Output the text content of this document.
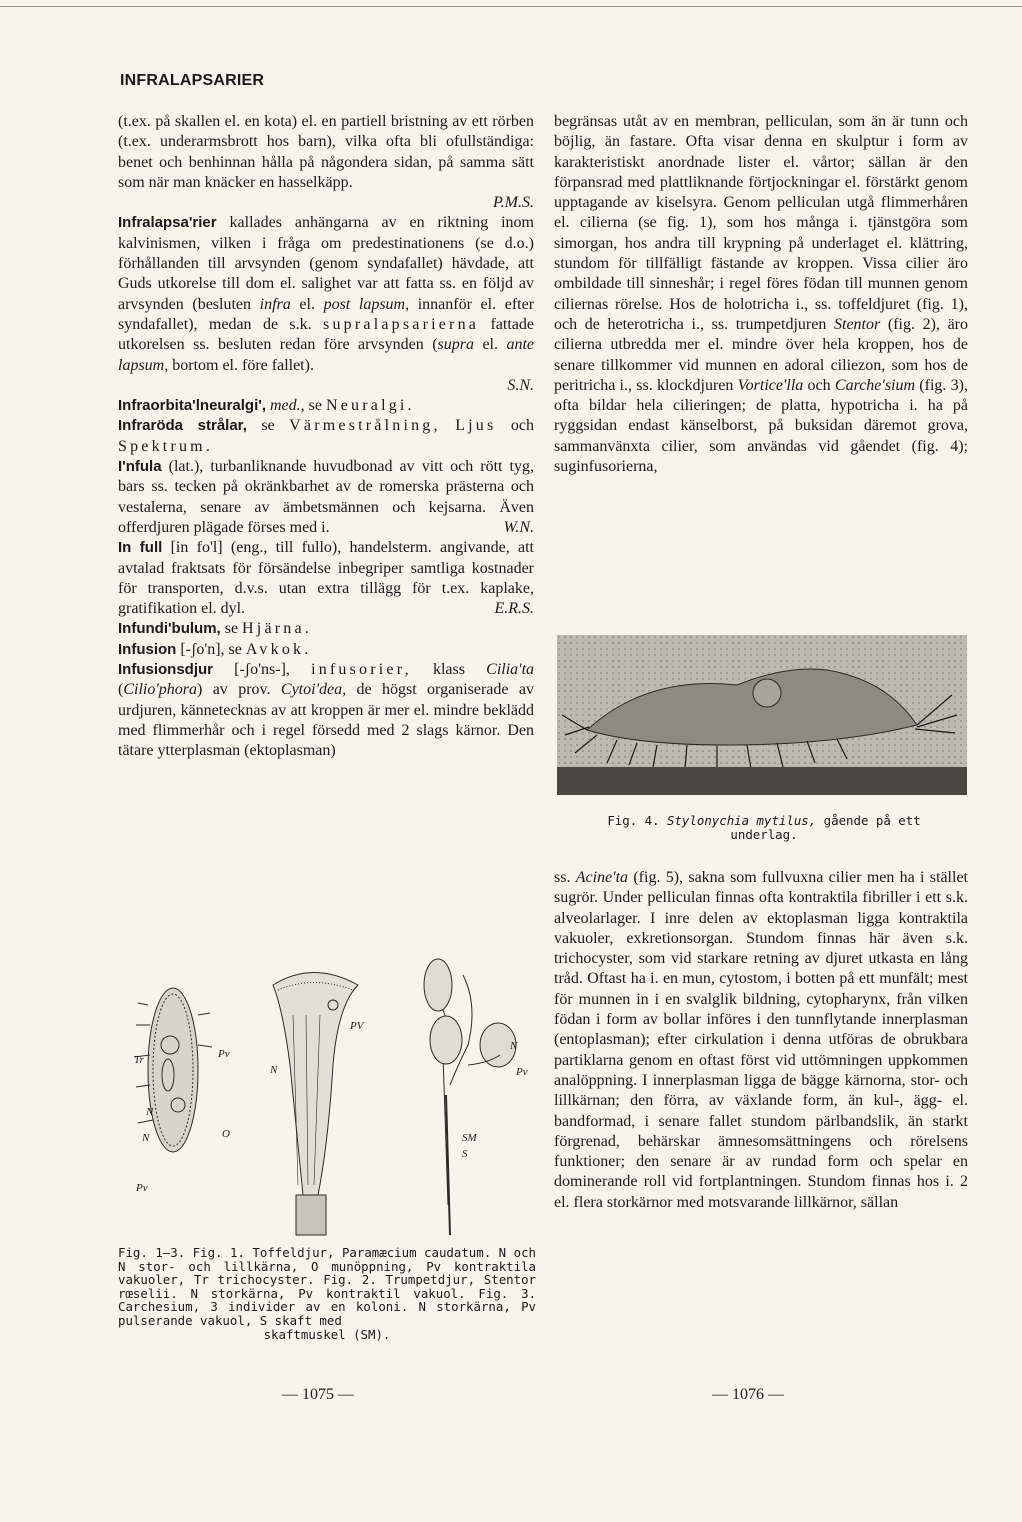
INFRALAPSARIER

(t.ex. på skallen el. en kota) el. en partiell bristning av ett rörben (t.ex. underarmsbrott hos barn), vilka ofta bli ofullständiga: benet och benhinnan hålla på någondera sidan, på samma sätt som när man knäcker en hasselkäpp.
P.M.S.

Infralapsa'rier kallades anhängarna av en riktning inom kalvinismen, vilken i fråga om predestinationens (se d.o.) förhållanden till arvsynden (genom syndafallet) hävdade, att Guds utkorelse till dom el. salighet var att fatta ss. en följd av arvsynden (besluten infra el. post lapsum, innanför el. efter syndafallet), medan de s.k. supralapsarierna fattade utkorelsen ss. besluten redan före arvsynden (supra el. ante lapsum, bortom el. före fallet).
S.N.

Infraorbita'lneuralgi', med., se Neuralgi.

Infraröda strålar, se Värmestrålning, Ljus och Spektrum.

I'nfula (lat.), turbanliknande huvudbonad av vitt och rött tyg, bars ss. tecken på okränkbarhet av de romerska prästerna och vestalerna, senare av ämbetsmännen och kejsarna. Även offerdjuren plägade förses med i.	W.N.

In full [in fo'l] (eng., till fullo), handelsterm. angivande, att avtalad fraktsats för försändelse inbegriper samtliga kostnader för transporten, d.v.s. utan extra tillägg för t.ex. kaplake, gratifikation el. dyl.	E.R.S.

Infundi'bulum, se Hjärna.

Infusion [-ʃo'n], se Avkok.

Infusionsdjur [-ʃo'ns-], infusorier, klass Cilia'ta (Cilio'phora) av prov. Cytoi'dea, de högst organiserade av urdjuren, kännetecknas av att kroppen är mer el. mindre beklädd med flimmerhår och i regel försedd med 2 slags kärnor. Den tätare ytterplasman (ektoplasman)

Tr	Pv
N
N	O
Pv
N
PV
N
Pv
SM
S
Fig. 1—3. Fig. 1. Toffeldjur, Paramæcium caudatum. N och N stor- och lillkärna, O munöppning, Pv kontraktila vakuoler, Tr trichocyster. Fig. 2. Trumpetdjur, Stentor rœselii. N storkärna, Pv kontraktil vakuol. Fig. 3. Carchesium, 3 individer av en koloni. N storkärna, Pv pulserande vakuol, S skaft med
skaftmuskel (SM).
— 1075 —

begränsas utåt av en membran, pelliculan, som än är tunn och böjlig, än fastare. Ofta visar denna en skulptur i form av karakteristiskt anordnade lister el. vårtor; sällan är den förpansrad med plattliknande förtjockningar el. förstärkt genom upptagande av kiselsyra. Genom pelliculan utgå flimmerhåren el. cilierna (se fig. 1), som hos många i. tjänstgöra som simorgan, hos andra till krypning på underlaget el. klättring, stundom för tillfälligt fästande av kroppen. Vissa cilier äro ombildade till sinneshår; i regel föres födan till munnen genom ciliernas rörelse. Hos de holotricha i., ss. toffeldjuret (fig. 1), och de heterotricha i., ss. trumpetdjuren Stentor (fig. 2), äro cilierna utbredda mer el. mindre över hela kroppen, hos de senare tillkommer vid munnen en adoral ciliezon, som hos de peritricha i., ss. klockdjuren Vortice'lla och Carche'sium (fig. 3), ofta bildar hela cilieringen; de platta, hypotricha i. ha på ryggsidan endast känselborst, på buksidan däremot grova, sammanvänxta cilier, som användas vid gåendet (fig. 4); suginfusorierna,

Fig. 4. Stylonychia mytilus, gående på ett underlag.

ss. Acine'ta (fig. 5), sakna som fullvuxna cilier men ha i stället sugrör. Under pelliculan finnas ofta kontraktila fibriller i ett s.k. alveolarlager. I inre delen av ektoplasman ligga kontraktila vakuoler, exkretionsorgan. Stundom finnas här även s.k. trichocyster, som vid starkare retning av djuret utkasta en lång tråd. Oftast ha i. en mun, cytostom, i botten på ett munfält; mest för munnen in i en svalglik bildning, cytopharynx, från vilken födan i form av bollar införes i den tunnflytande innerplasman (entoplasman); efter cirkulation i denna utföras de obrukbara partiklarna genom en oftast först vid uttömningen uppkommen analöppning. I innerplasman ligga de bägge kärnorna, stor- och lillkärnan; den förra, av växlande form, än kul-, ägg- el. bandformad, i senare fallet stundom pärlbandslik, än starkt förgrenad, behärskar ämnesomsättningens och rörelsens funktioner; den senare är av rundad form och spelar en dominerande roll vid fortplantningen. Stundom finnas hos i. 2 el. flera storkärnor med motsvarande lillkärnor, sällan

— 1076 —
